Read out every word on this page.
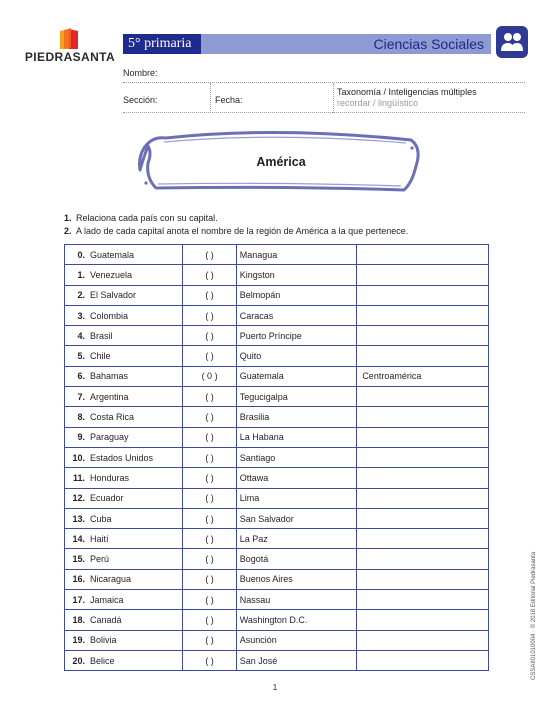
PIEDRASANTA
5° primaria	Ciencias Sociales
Nombre:
Sección:	Fecha:
Taxonomía / Inteligencias múltiples
recordar / lingüístico
América
1. Relaciona cada país con su capital.
2. A lado de cada capital anota el nombre de la región de América a la que pertenece.
0. Guatemala	( )	Managua	
1. Venezuela	( )	Kingston	
2. El Salvador	( )	Belmopán	
3. Colombia	( )	Caracas	
4. Brasil	( )	Puerto Príncipe	
5. Chile	( )	Quito	
6. Bahamas	( 0 )	Guatemala	Centroamérica
7. Argentina	( )	Tegucigalpa	
8. Costa Rica	( )	Brasilia	
9. Paraguay	( )	La Habana	
10. Estados Unidos	( )	Santiago	
11. Honduras	( )	Ottawa	
12. Ecuador	( )	Lima	
13. Cuba	( )	San Salvador	
14. Haití	( )	La Paz	
15. Perú	( )	Bogotá	
16. Nicaragua	( )	Buenos Aires	
17. Jamaica	( )	Nassau	
18. Canadá	( )	Washington D.C.	
19. Bolivia	( )	Asunción	
20. Belice	( )	San José		CSSAII01010004 · © 2018 Editorial Piedrasanta
1
